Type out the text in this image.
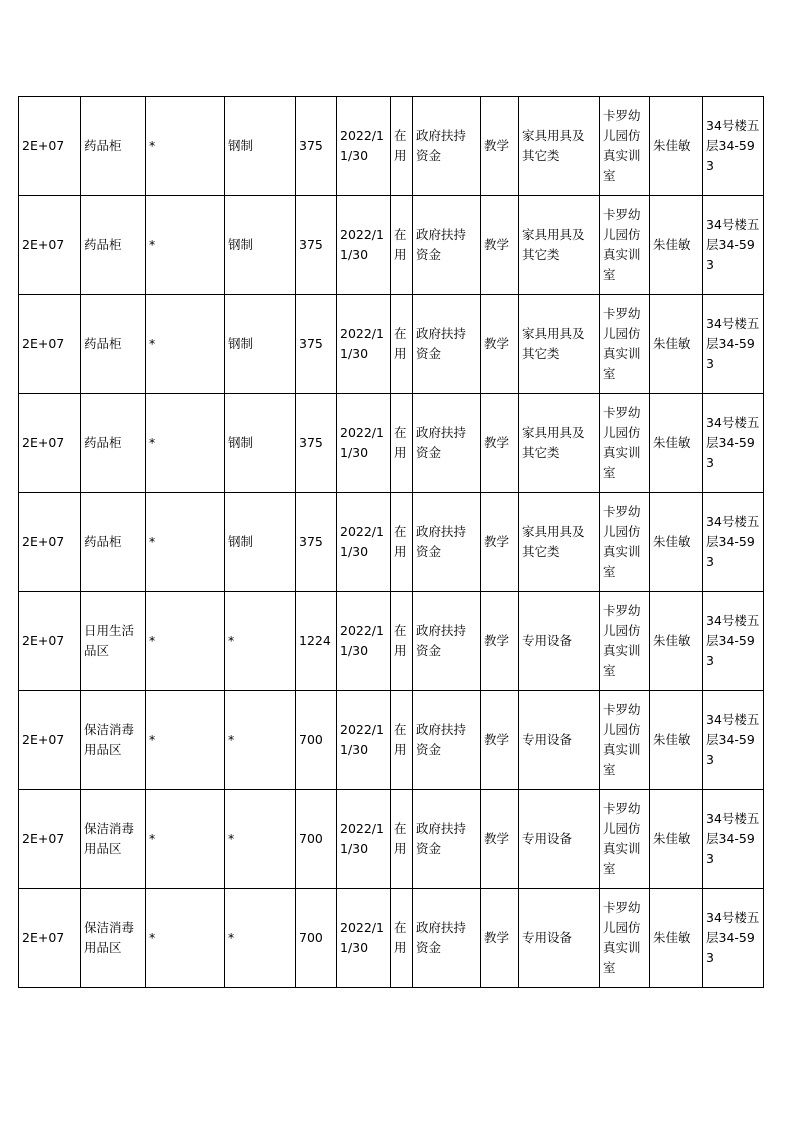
2E+07	药品柜	*	钢制	375	2022/11/30	在用	政府扶持资金	教学	家具用具及其它类	卡罗幼儿园仿真实训室	朱佳敏	34号楼五层34-593
2E+07	药品柜	*	钢制	375	2022/11/30	在用	政府扶持资金	教学	家具用具及其它类	卡罗幼儿园仿真实训室	朱佳敏	34号楼五层34-593
2E+07	药品柜	*	钢制	375	2022/11/30	在用	政府扶持资金	教学	家具用具及其它类	卡罗幼儿园仿真实训室	朱佳敏	34号楼五层34-593
2E+07	药品柜	*	钢制	375	2022/11/30	在用	政府扶持资金	教学	家具用具及其它类	卡罗幼儿园仿真实训室	朱佳敏	34号楼五层34-593
2E+07	药品柜	*	钢制	375	2022/11/30	在用	政府扶持资金	教学	家具用具及其它类	卡罗幼儿园仿真实训室	朱佳敏	34号楼五层34-593
2E+07	日用生活品区	*	*	1224	2022/11/30	在用	政府扶持资金	教学	专用设备	卡罗幼儿园仿真实训室	朱佳敏	34号楼五层34-593
2E+07	保洁消毒用品区	*	*	700	2022/11/30	在用	政府扶持资金	教学	专用设备	卡罗幼儿园仿真实训室	朱佳敏	34号楼五层34-593
2E+07	保洁消毒用品区	*	*	700	2022/11/30	在用	政府扶持资金	教学	专用设备	卡罗幼儿园仿真实训室	朱佳敏	34号楼五层34-593
2E+07	保洁消毒用品区	*	*	700	2022/11/30	在用	政府扶持资金	教学	专用设备	卡罗幼儿园仿真实训室	朱佳敏	34号楼五层34-593
